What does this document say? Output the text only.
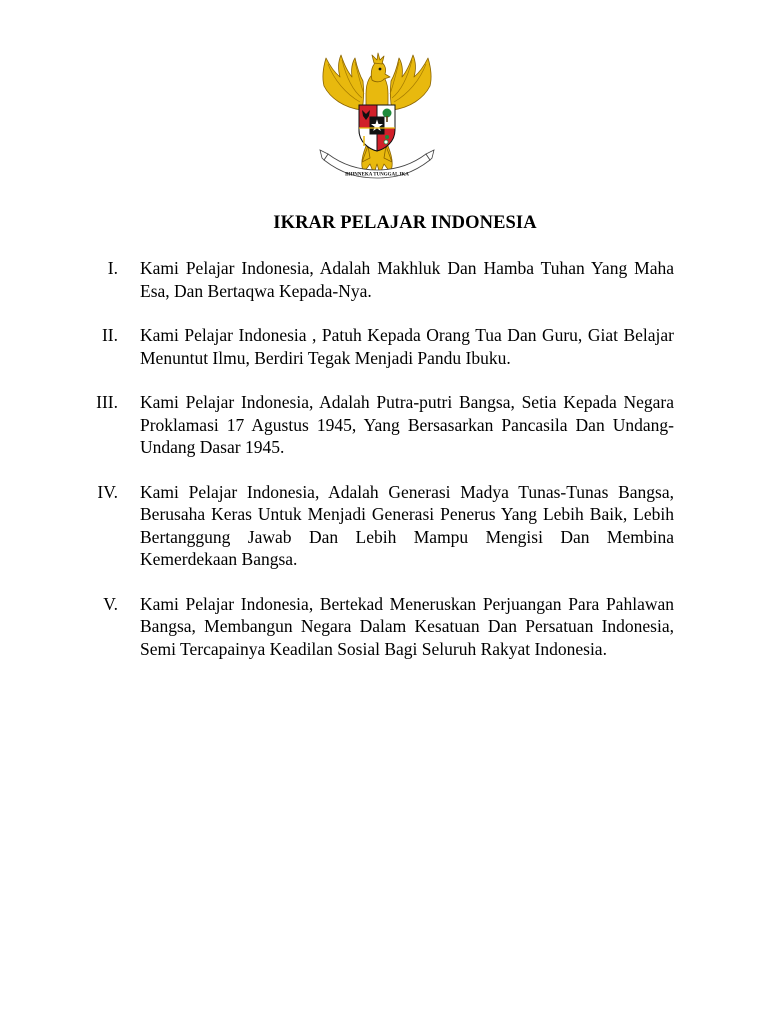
BHINNEKA TUNGGAL IKA
IKRAR PELAJAR INDONESIA
I. Kami Pelajar Indonesia, Adalah Makhluk Dan Hamba Tuhan Yang Maha Esa, Dan Bertaqwa Kepada-Nya.
II. Kami Pelajar Indonesia , Patuh Kepada Orang Tua Dan Guru, Giat Belajar Menuntut Ilmu, Berdiri Tegak Menjadi Pandu Ibuku.
III. Kami Pelajar Indonesia, Adalah Putra-putri Bangsa, Setia Kepada Negara Proklamasi 17 Agustus 1945, Yang Bersasarkan Pancasila Dan Undang-Undang Dasar 1945.
IV. Kami Pelajar Indonesia, Adalah Generasi Madya Tunas-Tunas Bangsa, Berusaha Keras Untuk Menjadi Generasi Penerus Yang Lebih Baik, Lebih Bertanggung Jawab Dan Lebih Mampu Mengisi Dan Membina Kemerdekaan Bangsa.
V. Kami Pelajar Indonesia, Bertekad Meneruskan Perjuangan Para Pahlawan Bangsa, Membangun Negara Dalam Kesatuan Dan Persatuan Indonesia, Semi Tercapainya Keadilan Sosial Bagi Seluruh Rakyat Indonesia.
